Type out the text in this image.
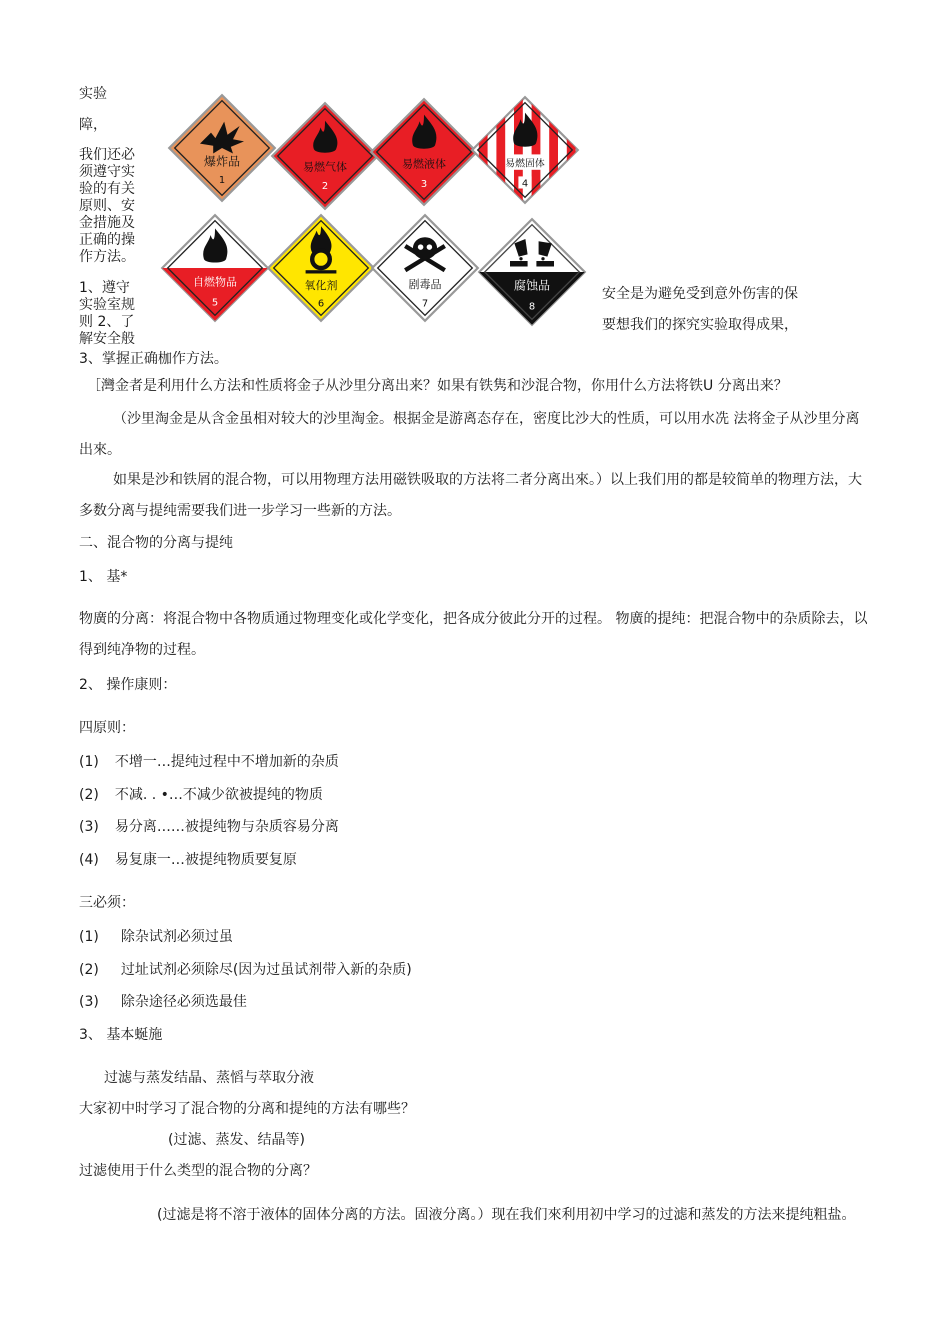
实验
障，
我们还必须遵守实验的有关原则、安金措施及正确的操作方法。
1、遵守实验室规则 2、了解安全般
3、掌握正确枷作方法。
安全是为避免受到意外伤害的保
要想我们的探究实验取得成果，
爆炸品
1
易燃气体
2
易燃液体
3
易燃固体
4
自燃物品
5
氧化剂
6
剧毒品
7
腐蚀品
8
［灣金者是利用什么方法和性质将金子从沙里分离出来？如果有铁隽和沙混合物，你用什么方法将铁U 分离出来？
（沙里淘金是从含金虽相对较大的沙里淘金。根据金是游离态存在，密度比沙大的性质，可以用水冼 法将金子从沙里分离出來。
如果是沙和铁屑的混合物，可以用物理方法用磁铁吸取的方法将二者分离出來。）以上我们用的都是较简单的物理方法，大多数分离与提纯需要我们进一步学习一些新的方法。
二、混合物的分离与提纯
1、 基*
物廣的分离：将混合物中各物质通过物理变化或化学变化，把各成分彼此分开的过程。 物廣的提纯：把混合物中的杂质除去，以得到纯净物的过程。
2、 操作康则：
四原则：
(1) 不增一…提纯过程中不增加新的杂质
(2) 不减. . •…不减少欲被提纯的物质
(3) 易分离……被提纯物与杂质容易分离
(4) 易复康一…被提纯物质要复原
三必须：
(1) 除杂试剂必须过虽
(2) 过址试剂必须除尽(因为过虽试剂带入新的杂质)
(3) 除杂途径必须选最佳
3、 基本蜒施
过滤与蒸发结晶、蒸慆与萃取分液
大家初中时学习了混合物的分离和提纯的方法有哪些？
(过滤、蒸发、结晶等)
过滤使用于什么类型的混合物的分离？
(过滤是将不溶于液体的固体分离的方法。固液分离。）现在我们來利用初中学习的过滤和蒸发的方法来提纯粗盐。
